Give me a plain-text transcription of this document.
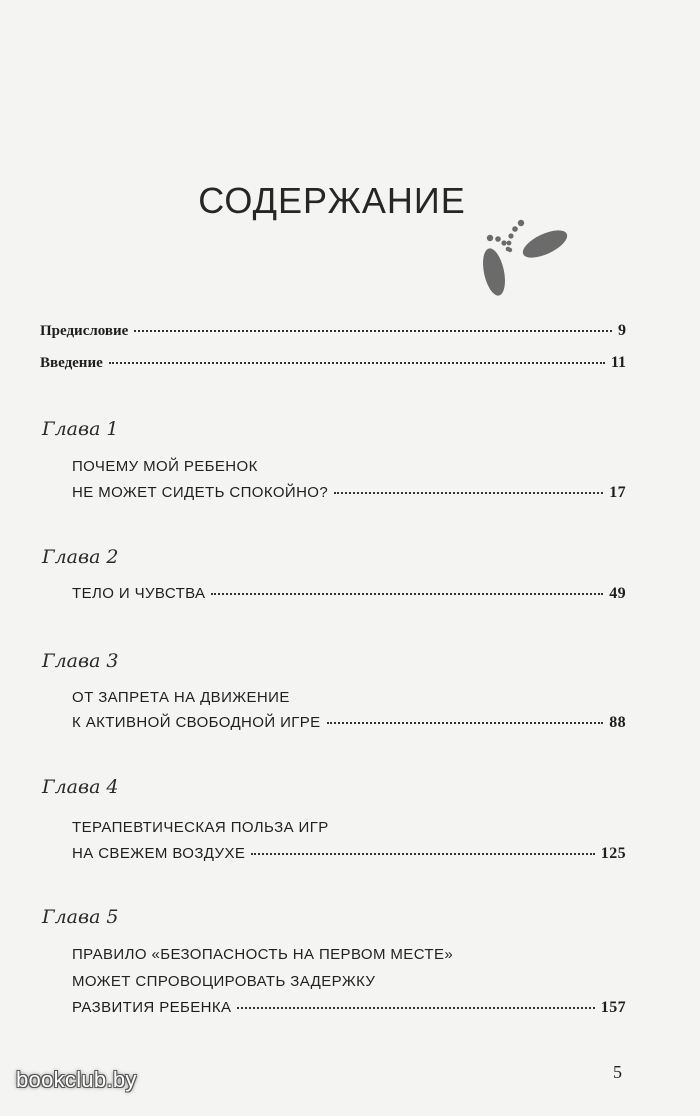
СОДЕРЖАНИЕ
Предисловие	9
Введение	11
Глава 1
ПОЧЕМУ МОЙ РЕБЕНОК
НЕ МОЖЕТ СИДЕТЬ СПОКОЙНО?	17
Глава 2
ТЕЛО И ЧУВСТВА	49
Глава 3
ОТ ЗАПРЕТА НА ДВИЖЕНИЕ
К АКТИВНОЙ СВОБОДНОЙ ИГРЕ	88
Глава 4
ТЕРАПЕВТИЧЕСКАЯ ПОЛЬЗА ИГР
НА СВЕЖЕМ ВОЗДУХЕ	125
Глава 5
ПРАВИЛО «БЕЗОПАСНОСТЬ НА ПЕРВОМ МЕСТЕ»
МОЖЕТ СПРОВОЦИРОВАТЬ ЗАДЕРЖКУ
РАЗВИТИЯ РЕБЕНКА	157
5
bookclub.by
